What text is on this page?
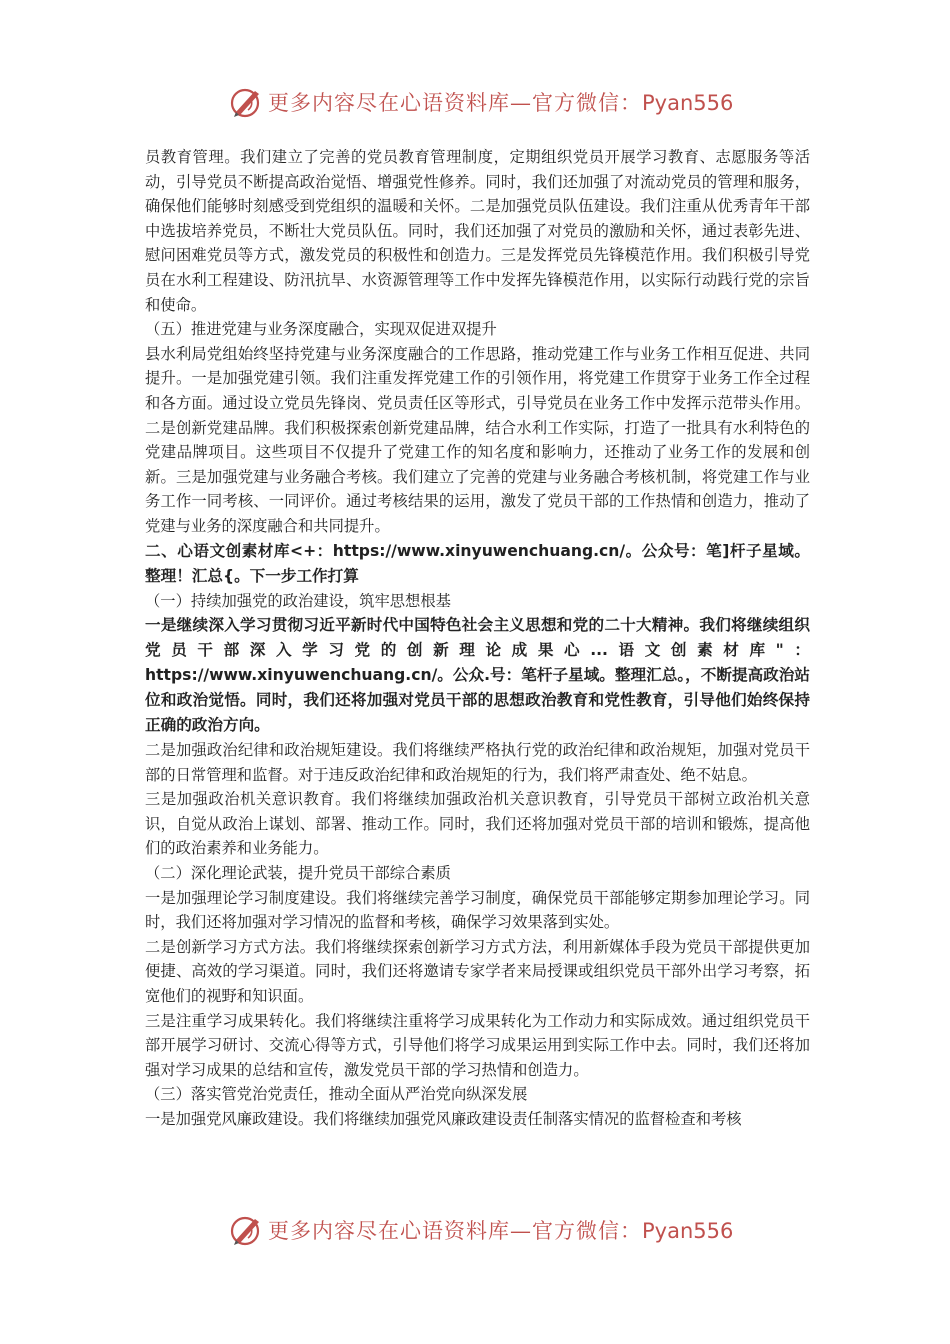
更多内容尽在心语资料库—官方微信：Pyan556

员教育管理。我们建立了完善的党员教育管理制度，定期组织党员开展学习教育、志愿服务等活动，引导党员不断提高政治觉悟、增强党性修养。同时，我们还加强了对流动党员的管理和服务，确保他们能够时刻感受到党组织的温暖和关怀。二是加强党员队伍建设。我们注重从优秀青年干部中选拔培养党员，不断壮大党员队伍。同时，我们还加强了对党员的激励和关怀，通过表彰先进、慰问困难党员等方式，激发党员的积极性和创造力。三是发挥党员先锋模范作用。我们积极引导党员在水利工程建设、防汛抗旱、水资源管理等工作中发挥先锋模范作用，以实际行动践行党的宗旨和使命。

（五）推进党建与业务深度融合，实现双促进双提升

县水利局党组始终坚持党建与业务深度融合的工作思路，推动党建工作与业务工作相互促进、共同提升。一是加强党建引领。我们注重发挥党建工作的引领作用，将党建工作贯穿于业务工作全过程和各方面。通过设立党员先锋岗、党员责任区等形式，引导党员在业务工作中发挥示范带头作用。二是创新党建品牌。我们积极探索创新党建品牌，结合水利工作实际，打造了一批具有水利特色的党建品牌项目。这些项目不仅提升了党建工作的知名度和影响力，还推动了业务工作的发展和创新。三是加强党建与业务融合考核。我们建立了完善的党建与业务融合考核机制，将党建工作与业务工作一同考核、一同评价。通过考核结果的运用，激发了党员干部的工作热情和创造力，推动了党建与业务的深度融合和共同提升。

二、心语文创素材库<+：https://www.xinyuwenchuang.cn/。公众号：笔]杆子星域。整理！汇总{。下一步工作打算

（一）持续加强党的政治建设，筑牢思想根基

一是继续深入学习贯彻习近平新时代中国特色社会主义思想和党的二十大精神。我们将继续组织党员干部深入学习党的创新理论成果心...语文创素材库"：https://www.xinyuwenchuang.cn/。公众.号：笔杆子星域。整理汇总。，不断提高政治站位和政治觉悟。同时，我们还将加强对党员干部的思想政治教育和党性教育，引导他们始终保持正确的政治方向。

二是加强政治纪律和政治规矩建设。我们将继续严格执行党的政治纪律和政治规矩，加强对党员干部的日常管理和监督。对于违反政治纪律和政治规矩的行为，我们将严肃查处、绝不姑息。

三是加强政治机关意识教育。我们将继续加强政治机关意识教育，引导党员干部树立政治机关意识，自觉从政治上谋划、部署、推动工作。同时，我们还将加强对党员干部的培训和锻炼，提高他们的政治素养和业务能力。

（二）深化理论武装，提升党员干部综合素质

一是加强理论学习制度建设。我们将继续完善学习制度，确保党员干部能够定期参加理论学习。同时，我们还将加强对学习情况的监督和考核，确保学习效果落到实处。

二是创新学习方式方法。我们将继续探索创新学习方式方法，利用新媒体手段为党员干部提供更加便捷、高效的学习渠道。同时，我们还将邀请专家学者来局授课或组织党员干部外出学习考察，拓宽他们的视野和知识面。

三是注重学习成果转化。我们将继续注重将学习成果转化为工作动力和实际成效。通过组织党员干部开展学习研讨、交流心得等方式，引导他们将学习成果运用到实际工作中去。同时，我们还将加强对学习成果的总结和宣传，激发党员干部的学习热情和创造力。

（三）落实管党治党责任，推动全面从严治党向纵深发展

一是加强党风廉政建设。我们将继续加强党风廉政建设责任制落实情况的监督检查和考核

更多内容尽在心语资料库—官方微信：Pyan556
